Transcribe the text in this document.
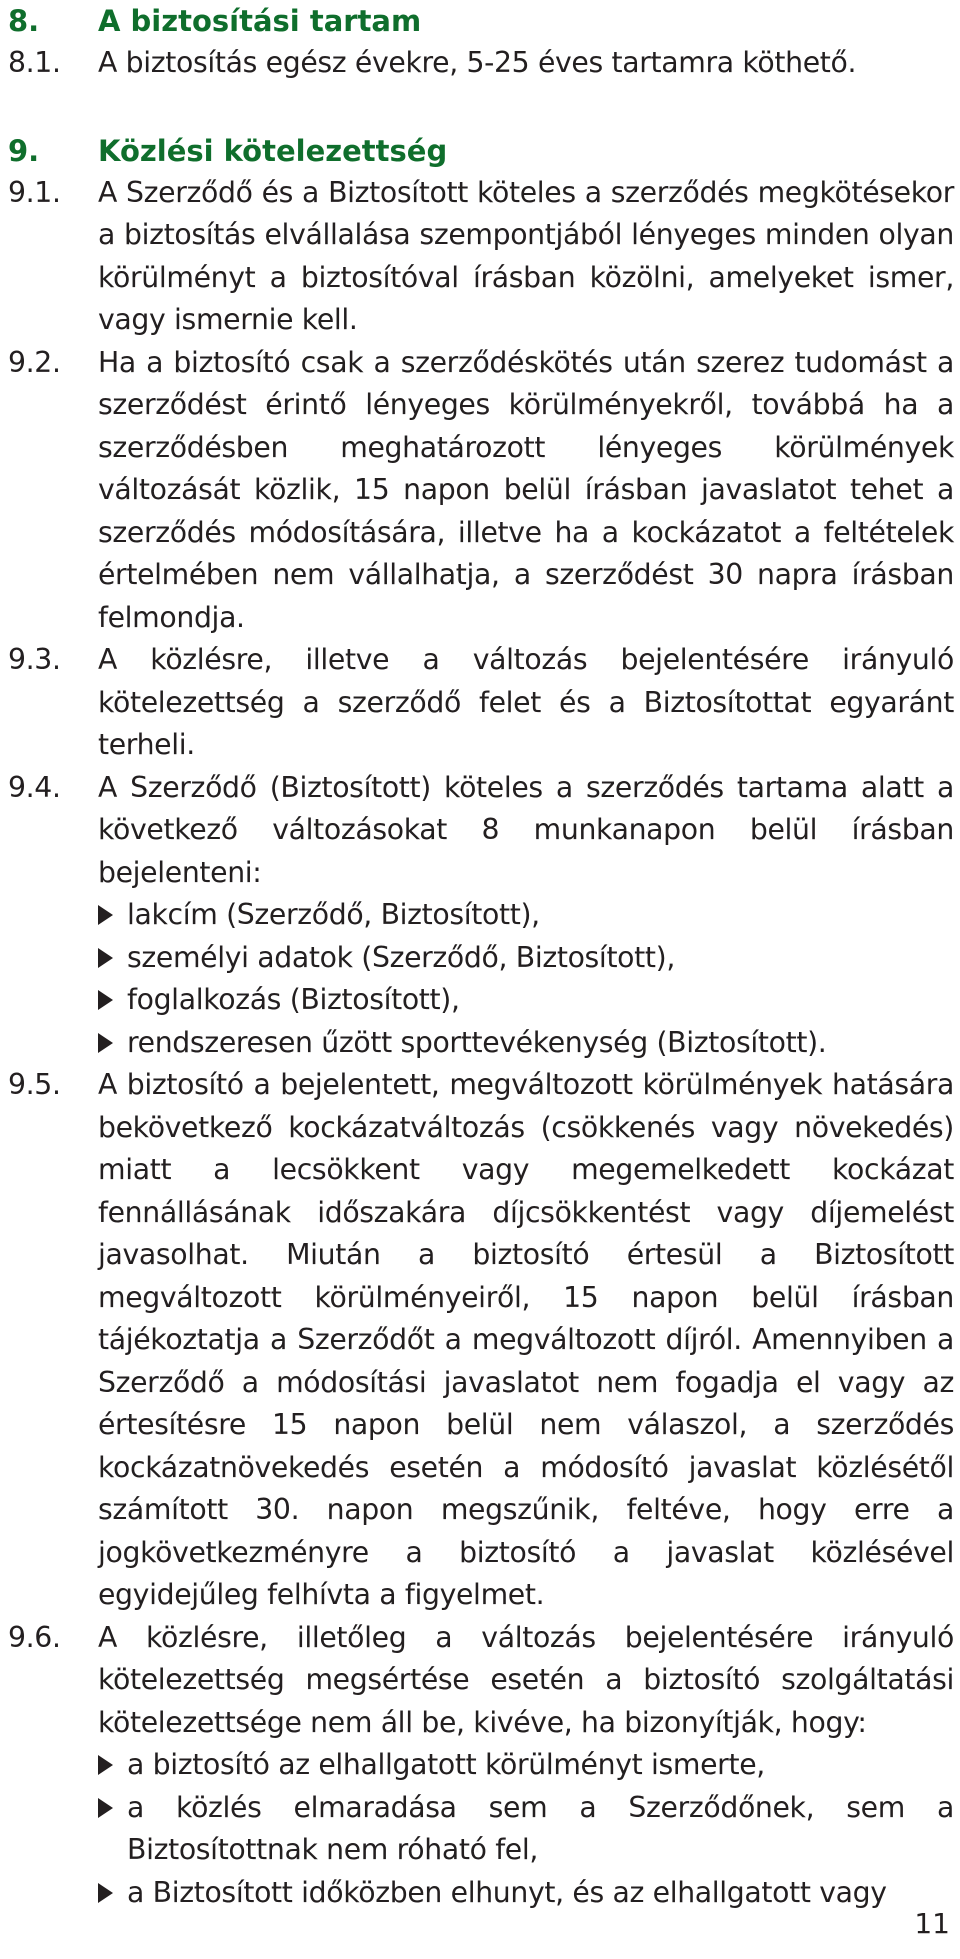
8.	A biztosítási tartam
8.1.	A biztosítás egész évekre, 5-25 éves tartamra köthető.
9.	Közlési kötelezettség
9.1.	A Szerződő és a Biztosított köteles a szerződés megkötésekor a biztosítás elvállalása szempontjából lényeges minden olyan körülményt a biztosítóval írásban közölni, amelyeket ismer, vagy ismernie kell.
9.2.	Ha a biztosító csak a szerződéskötés után szerez tudomást a szerződést érintő lényeges körülményekről, továbbá ha a szerződésben meghatározott lényeges körülmények változását közlik, 15 napon belül írásban javaslatot tehet a szerződés módosítására, illetve ha a kockázatot a feltételek értelmében nem vállalhatja, a szerződést 30 napra írásban felmondja.
9.3.	A közlésre, illetve a változás bejelentésére irányuló kötelezettség a szerződő felet és a Biztosítottat egyaránt terheli.
9.4.	A Szerződő (Biztosított) köteles a szerződés tartama alatt a következő változásokat 8 munkanapon belül írásban bejelenteni:
lakcím (Szerződő, Biztosított),
személyi adatok (Szerződő, Biztosított),
foglalkozás (Biztosított),
rendszeresen űzött sporttevékenység (Biztosított).
9.5.	A biztosító a bejelentett, megváltozott körülmények hatására bekövetkező kockázatváltozás (csökkenés vagy növekedés) miatt a lecsökkent vagy megemelkedett kockázat fennállásának időszakára díjcsökkentést vagy díjemelést javasolhat. Miután a biztosító értesül a Biztosított megváltozott körülményeiről, 15 napon belül írásban tájékoztatja a Szerződőt a megváltozott díjról. Amennyiben a Szerződő a módosítási javaslatot nem fogadja el vagy az értesítésre 15 napon belül nem válaszol, a szerződés kockázatnövekedés esetén a módosító javaslat közlésétől számított 30. napon megszűnik, feltéve, hogy erre a jogkövetkezményre a biztosító a javaslat közlésével egyidejűleg felhívta a figyelmet.
9.6.	A közlésre, illetőleg a változás bejelentésére irányuló kötelezettség megsértése esetén a biztosító szolgáltatási kötelezettsége nem áll be, kivéve, ha bizonyítják, hogy:
a biztosító az elhallgatott körülményt ismerte,
a közlés elmaradása sem a Szerződőnek, sem a Biztosítottnak nem róható fel,
a Biztosított időközben elhunyt, és az elhallgatott vagy
11
